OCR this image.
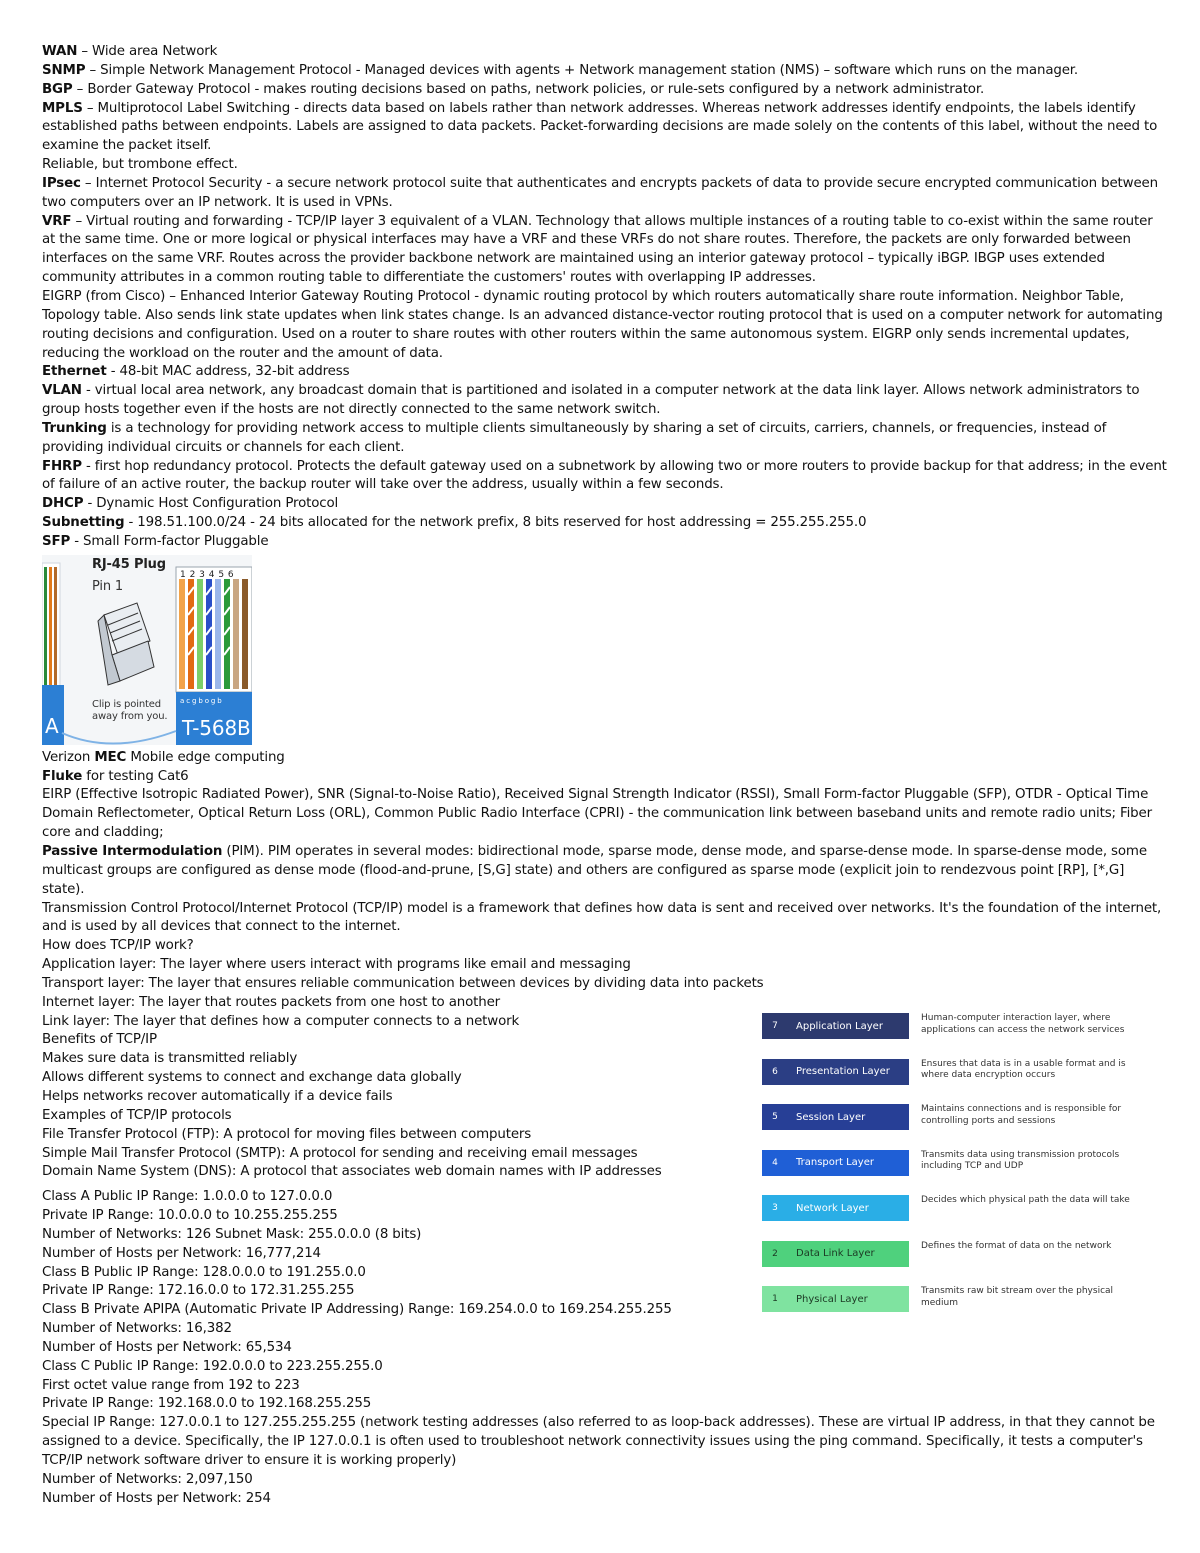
WAN – Wide area Network

SNMP – Simple Network Management Protocol - Managed devices with agents + Network management station (NMS) – software which runs on the manager.

BGP – Border Gateway Protocol - makes routing decisions based on paths, network policies, or rule-sets configured by a network administrator.

MPLS – Multiprotocol Label Switching - directs data based on labels rather than network addresses. Whereas network addresses identify endpoints, the labels identify established paths between endpoints. Labels are assigned to data packets. Packet-forwarding decisions are made solely on the contents of this label, without the need to examine the packet itself.

Reliable, but trombone effect.

IPsec – Internet Protocol Security - a secure network protocol suite that authenticates and encrypts packets of data to provide secure encrypted communication between two computers over an IP network. It is used in VPNs.

VRF – Virtual routing and forwarding - TCP/IP layer 3 equivalent of a VLAN. Technology that allows multiple instances of a routing table to co-exist within the same router at the same time. One or more logical or physical interfaces may have a VRF and these VRFs do not share routes. Therefore, the packets are only forwarded between interfaces on the same VRF. Routes across the provider backbone network are maintained using an interior gateway protocol – typically iBGP. IBGP uses extended community attributes in a common routing table to differentiate the customers' routes with overlapping IP addresses.

EIGRP (from Cisco) – Enhanced Interior Gateway Routing Protocol - dynamic routing protocol by which routers automatically share route information. Neighbor Table, Topology table. Also sends link state updates when link states change. Is an advanced distance-vector routing protocol that is used on a computer network for automating routing decisions and configuration. Used on a router to share routes with other routers within the same autonomous system. EIGRP only sends incremental updates, reducing the workload on the router and the amount of data.

Ethernet - 48-bit MAC address, 32-bit address

VLAN - virtual local area network, any broadcast domain that is partitioned and isolated in a computer network at the data link layer. Allows network administrators to group hosts together even if the hosts are not directly connected to the same network switch.

Trunking is a technology for providing network access to multiple clients simultaneously by sharing a set of circuits, carriers, channels, or frequencies, instead of providing individual circuits or channels for each client.

FHRP - first hop redundancy protocol. Protects the default gateway used on a subnetwork by allowing two or more routers to provide backup for that address; in the event of failure of an active router, the backup router will take over the address, usually within a few seconds.

DHCP - Dynamic Host Configuration Protocol

Subnetting - 198.51.100.0/24 - 24 bits allocated for the network prefix, 8 bits reserved for host addressing = 255.255.255.0

SFP - Small Form-factor Pluggable

A
RJ-45 Plug
Pin 1
Clip is pointed
away from you.
1 2 3 4 5 6
a c g b o g b
T-568B

Verizon MEC Mobile edge computing

Fluke for testing Cat6

EIRP (Effective Isotropic Radiated Power), SNR (Signal-to-Noise Ratio), Received Signal Strength Indicator (RSSI), Small Form-factor Pluggable (SFP), OTDR - Optical Time Domain Reflectometer, Optical Return Loss (ORL), Common Public Radio Interface (CPRI) - the communication link between baseband units and remote radio units; Fiber core and cladding;

Passive Intermodulation (PIM). PIM operates in several modes: bidirectional mode, sparse mode, dense mode, and sparse-dense mode. In sparse-dense mode, some multicast groups are configured as dense mode (flood-and-prune, [S,G] state) and others are configured as sparse mode (explicit join to rendezvous point [RP], [*,G] state).

Transmission Control Protocol/Internet Protocol (TCP/IP) model is a framework that defines how data is sent and received over networks. It's the foundation of the internet, and is used by all devices that connect to the internet.

How does TCP/IP work?

Application layer: The layer where users interact with programs like email and messaging

Transport layer: The layer that ensures reliable communication between devices by dividing data into packets

Internet layer: The layer that routes packets from one host to another

Link layer: The layer that defines how a computer connects to a network

Benefits of TCP/IP

Makes sure data is transmitted reliably

Allows different systems to connect and exchange data globally

Helps networks recover automatically if a device fails

Examples of TCP/IP protocols

File Transfer Protocol (FTP): A protocol for moving files between computers

Simple Mail Transfer Protocol (SMTP): A protocol for sending and receiving email messages

Domain Name System (DNS): A protocol that associates web domain names with IP addresses

Class A Public IP Range: 1.0.0.0 to 127.0.0.0

Private IP Range: 10.0.0.0 to 10.255.255.255

Number of Networks: 126 Subnet Mask: 255.0.0.0 (8 bits)

Number of Hosts per Network: 16,777,214

Class B Public IP Range: 128.0.0.0 to 191.255.0.0

Private IP Range: 172.16.0.0 to 172.31.255.255

Class B Private APIPA (Automatic Private IP Addressing) Range: 169.254.0.0 to 169.254.255.255

Number of Networks: 16,382

Number of Hosts per Network: 65,534

Class C Public IP Range: 192.0.0.0 to 223.255.255.0

First octet value range from 192 to 223

Private IP Range: 192.168.0.0 to 192.168.255.255

Special IP Range: 127.0.0.1 to 127.255.255.255 (network testing addresses (also referred to as loop-back addresses). These are virtual IP address, in that they cannot be assigned to a device. Specifically, the IP 127.0.0.1 is often used to troubleshoot network connectivity issues using the ping command. Specifically, it tests a computer's TCP/IP network software driver to ensure it is working properly)

Number of Networks: 2,097,150

Number of Hosts per Network: 254

7	Application Layer
Human-computer interaction layer, where applications can access the network services
6	Presentation Layer
Ensures that data is in a usable format and is where data encryption occurs
5	Session Layer
Maintains connections and is responsible for controlling ports and sessions
4	Transport Layer
Transmits data using transmission protocols including TCP and UDP
3	Network Layer
Decides which physical path the data will take
2	Data Link Layer
Defines the format of data on the network
1	Physical Layer
Transmits raw bit stream over the physical medium
